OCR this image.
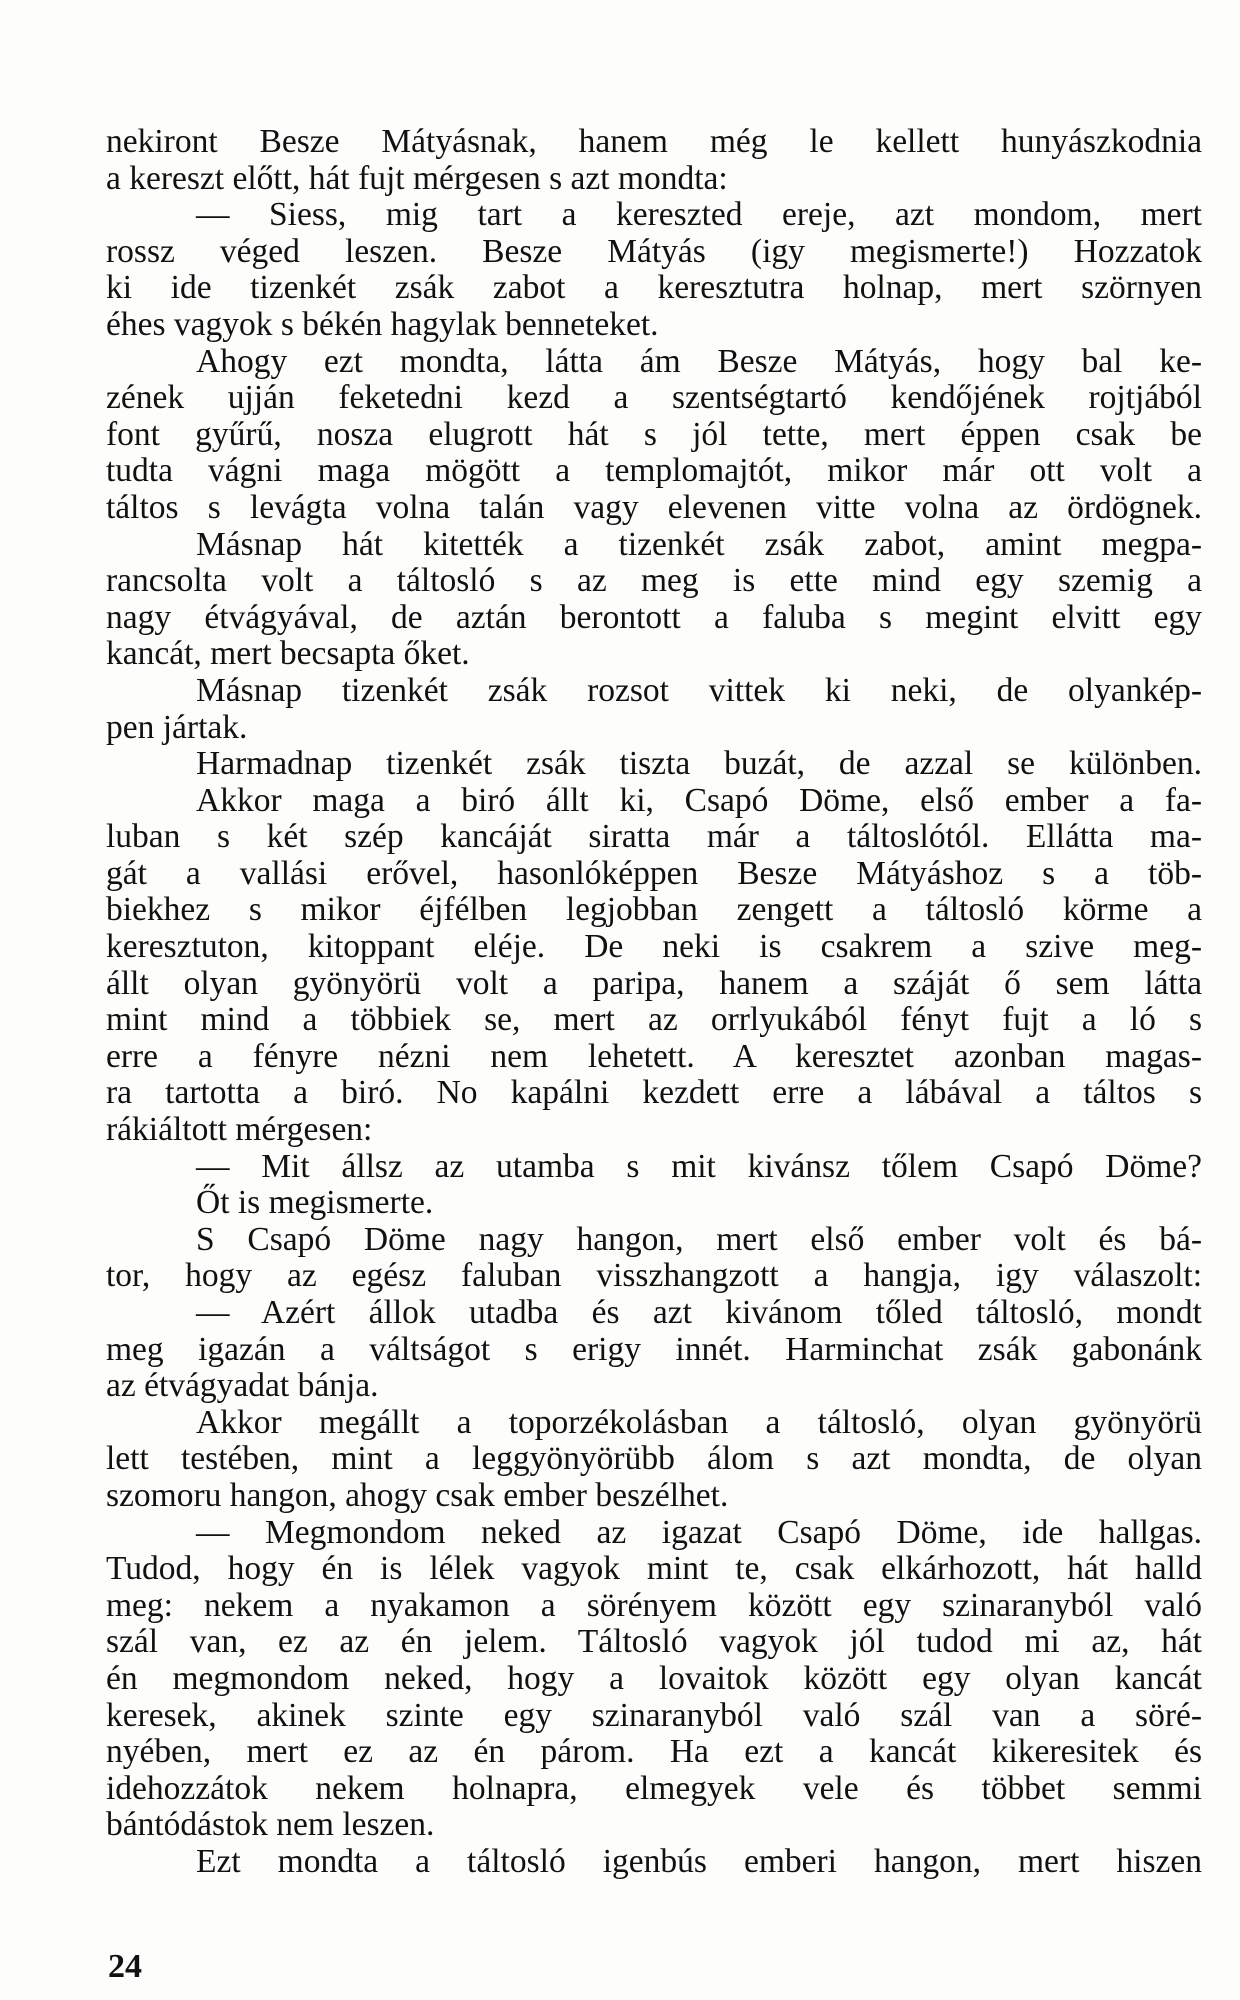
nekiront Besze Mátyásnak, hanem még le kellett hunyászkodnia
a kereszt előtt, hát fujt mérgesen s azt mondta:
— Siess, mig tart a kereszted ereje, azt mondom, mert
rossz véged leszen. Besze Mátyás (igy megismerte!) Hozzatok
ki ide tizenkét zsák zabot a keresztutra holnap, mert szörnyen
éhes vagyok s békén hagylak benneteket.
Ahogy ezt mondta, látta ám Besze Mátyás, hogy bal ke-
zének ujján feketedni kezd a szentségtartó kendőjének rojtjából
font gyűrű, nosza elugrott hát s jól tette, mert éppen csak be
tudta vágni maga mögött a templomajtót, mikor már ott volt a
táltos s levágta volna talán vagy elevenen vitte volna az ördögnek.
Másnap hát kitették a tizenkét zsák zabot, amint megpa-
rancsolta volt a táltosló s az meg is ette mind egy szemig a
nagy étvágyával, de aztán berontott a faluba s megint elvitt egy
kancát, mert becsapta őket.
Másnap tizenkét zsák rozsot vittek ki neki, de olyankép-
pen jártak.
Harmadnap tizenkét zsák tiszta buzát, de azzal se különben.
Akkor maga a biró állt ki, Csapó Döme, első ember a fa-
luban s két szép kancáját siratta már a táltoslótól. Ellátta ma-
gát a vallási erővel, hasonlóképpen Besze Mátyáshoz s a töb-
biekhez s mikor éjfélben legjobban zengett a táltosló körme a
keresztuton, kitoppant eléje. De neki is csakrem a szive meg-
állt olyan gyönyörü volt a paripa, hanem a száját ő sem látta
mint mind a többiek se, mert az orrlyukából fényt fujt a ló s
erre a fényre nézni nem lehetett. A keresztet azonban magas-
ra tartotta a biró. No kapálni kezdett erre a lábával a táltos s
rákiáltott mérgesen:
— Mit állsz az utamba s mit kivánsz tőlem Csapó Döme?
Őt is megismerte.
S Csapó Döme nagy hangon, mert első ember volt és bá-
tor, hogy az egész faluban visszhangzott a hangja, igy válaszolt:
— Azért állok utadba és azt kivánom tőled táltosló, mondt
meg igazán a váltságot s erigy innét. Harminchat zsák gabonánk
az étvágyadat bánja.
Akkor megállt a toporzékolásban a táltosló, olyan gyönyörü
lett testében, mint a leggyönyörübb álom s azt mondta, de olyan
szomoru hangon, ahogy csak ember beszélhet.
— Megmondom neked az igazat Csapó Döme, ide hallgas.
Tudod, hogy én is lélek vagyok mint te, csak elkárhozott, hát halld
meg: nekem a nyakamon a sörényem között egy szinaranyból való
szál van, ez az én jelem. Táltosló vagyok jól tudod mi az, hát
én megmondom neked, hogy a lovaitok között egy olyan kancát
keresek, akinek szinte egy szinaranyból való szál van a söré-
nyében, mert ez az én párom. Ha ezt a kancát kikeresitek és
idehozzátok nekem holnapra, elmegyek vele és többet semmi
bántódástok nem leszen.
Ezt mondta a táltosló igenbús emberi hangon, mert hiszen
24
